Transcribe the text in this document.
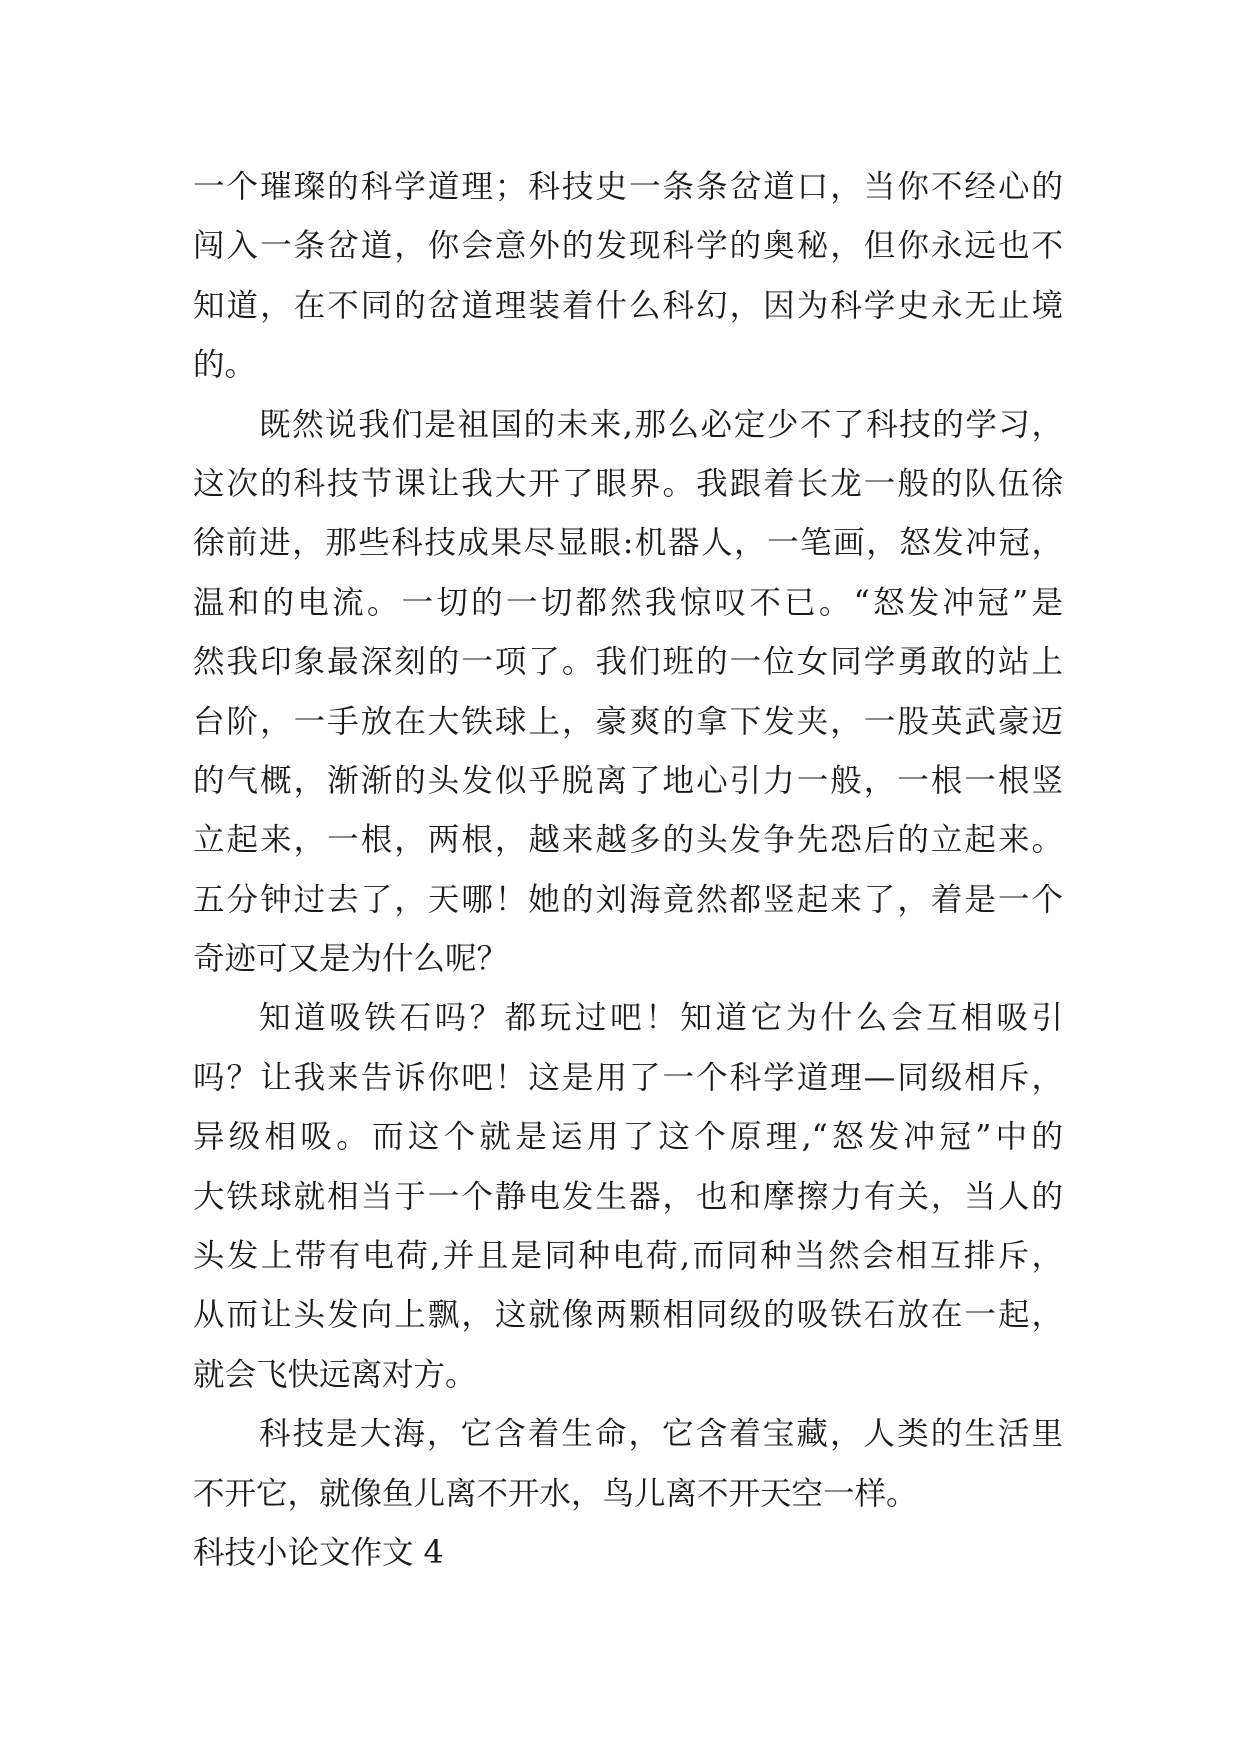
一个璀璨的科学道理；科技史一条条岔道口，当你不经心的
闯入一条岔道，你会意外的发现科学的奥秘，但你永远也不
知道，在不同的岔道理装着什么科幻，因为科学史永无止境
的。
既然说我们是祖国的未来,那么必定少不了科技的学习，
这次的科技节课让我大开了眼界。我跟着长龙一般的队伍徐
徐前进，那些科技成果尽显眼:机器人，一笔画，怒发冲冠，
温和的电流。一切的一切都然我惊叹不已。“怒发冲冠”是
然我印象最深刻的一项了。我们班的一位女同学勇敢的站上
台阶，一手放在大铁球上，豪爽的拿下发夹，一股英武豪迈
的气概，渐渐的头发似乎脱离了地心引力一般，一根一根竖
立起来，一根，两根，越来越多的头发争先恐后的立起来。
五分钟过去了，天哪！她的刘海竟然都竖起来了，着是一个
奇迹可又是为什么呢？
知道吸铁石吗？都玩过吧！知道它为什么会互相吸引
吗？让我来告诉你吧！这是用了一个科学道理—同级相斥，
异级相吸。而这个就是运用了这个原理,“怒发冲冠”中的
大铁球就相当于一个静电发生器，也和摩擦力有关，当人的
头发上带有电荷,并且是同种电荷,而同种当然会相互排斥，
从而让头发向上飘，这就像两颗相同级的吸铁石放在一起，
就会飞快远离对方。
科技是大海，它含着生命，它含着宝藏，人类的生活里
不开它，就像鱼儿离不开水，鸟儿离不开天空一样。
科技小论文作文 4
